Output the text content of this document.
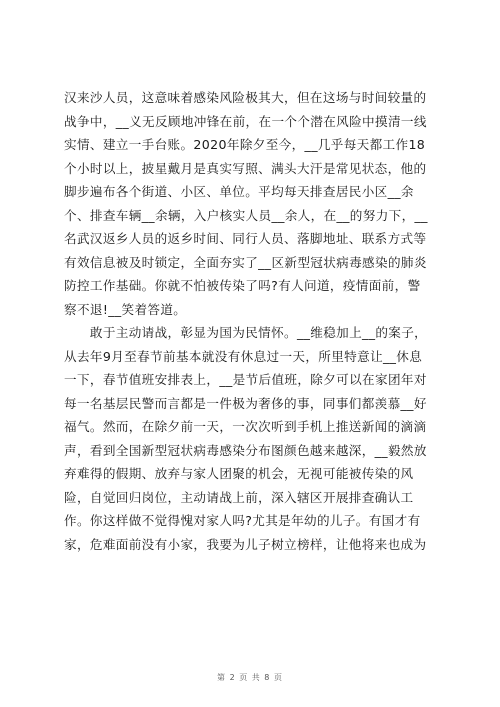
汉来沙人员，这意味着感染风险极其大，但在这场与时间较量的
战争中，__义无反顾地冲锋在前，在一个个潜在风险中摸清一线
实情、建立一手台账。2020年除夕至今，__几乎每天都工作18
个小时以上，披星戴月是真实写照、满头大汗是常见状态，他的
脚步遍布各个街道、小区、单位。平均每天排查居民小区__余
个、排查车辆__余辆，入户核实人员__余人，在__的努力下，__
名武汉返乡人员的返乡时间、同行人员、落脚地址、联系方式等
有效信息被及时锁定，全面夯实了__区新型冠状病毒感染的肺炎
防控工作基础。你就不怕被传染了吗?有人问道，疫情面前，警
察不退!__笑着答道。
　　敢于主动请战，彰显为国为民情怀。__维稳加上__的案子，
从去年9月至春节前基本就没有休息过一天，所里特意让__休息
一下，春节值班安排表上，__是节后值班，除夕可以在家团年对
每一名基层民警而言都是一件极为奢侈的事，同事们都羡慕__好
福气。然而，在除夕前一天，一次次听到手机上推送新闻的滴滴
声，看到全国新型冠状病毒感染分布图颜色越来越深，__毅然放
弃难得的假期、放弃与家人团聚的机会，无视可能被传染的风
险，自觉回归岗位，主动请战上前，深入辖区开展排查确认工
作。你这样做不觉得愧对家人吗?尤其是年幼的儿子。有国才有
家，危难面前没有小家，我要为儿子树立榜样，让他将来也成为
第 2 页 共 8 页
